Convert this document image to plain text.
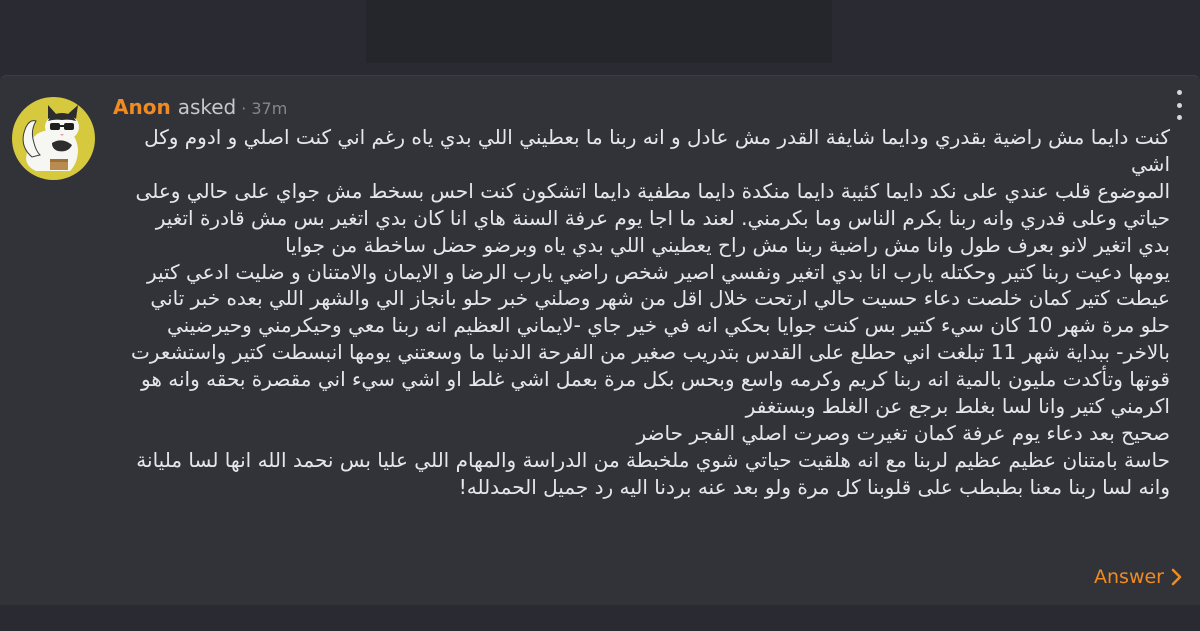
Anon asked · 37m

كنت دايما مش راضية بقدري ودايما شايفة القدر مش عادل و انه ربنا ما بعطيني اللي بدي ياه رغم اني كنت اصلي و ادوم وكل اشي

الموضوع قلب عندي على نكد دايما كئيبة دايما منكدة دايما مطفية دايما اتشكون كنت احس بسخط مش جواي على حالي وعلى حياتي وعلى قدري وانه ربنا بكرم الناس وما بكرمني. لعند ما اجا يوم عرفة السنة هاي انا كان بدي اتغير بس مش قادرة اتغير بدي اتغير لانو بعرف طول وانا مش راضية ربنا مش راح يعطيني اللي بدي ياه وبرضو حضل ساخطة من جوايا

يومها دعيت ربنا كتير وحكتله يارب انا بدي اتغير ونفسي اصير شخص راضي يارب الرضا و الايمان والامتنان و ضليت ادعي كتير عيطت كتير كمان خلصت دعاء حسيت حالي ارتحت خلال اقل من شهر وصلني خبر حلو بانجاز الي والشهر اللي بعده خبر تاني حلو مرة شهر 10 كان سيء كتير بس كنت جوايا بحكي انه في خير جاي -لايماني العظيم انه ربنا معي وحيكرمني وحيرضيني بالاخر- ببداية شهر 11 تبلغت اني حطلع على القدس بتدريب صغير من الفرحة الدنيا ما وسعتني يومها انبسطت كتير واستشعرت قوتها وتأكدت مليون بالمية انه ربنا كريم وكرمه واسع وبحس بكل مرة بعمل اشي غلط او اشي سيء اني مقصرة بحقه وانه هو اكرمني كتير وانا لسا بغلط برجع عن الغلط وبستغفر

صحيح بعد دعاء يوم عرفة كمان تغيرت وصرت اصلي الفجر حاضر

حاسة بامتنان عظيم عظيم لربنا مع انه هلقيت حياتي شوي ملخبطة من الدراسة والمهام اللي عليا بس نحمد الله انها لسا مليانة وانه لسا ربنا معنا بطبطب على قلوبنا كل مرة ولو بعد عنه بردنا اليه رد جميل الحمدلله!

Answer
